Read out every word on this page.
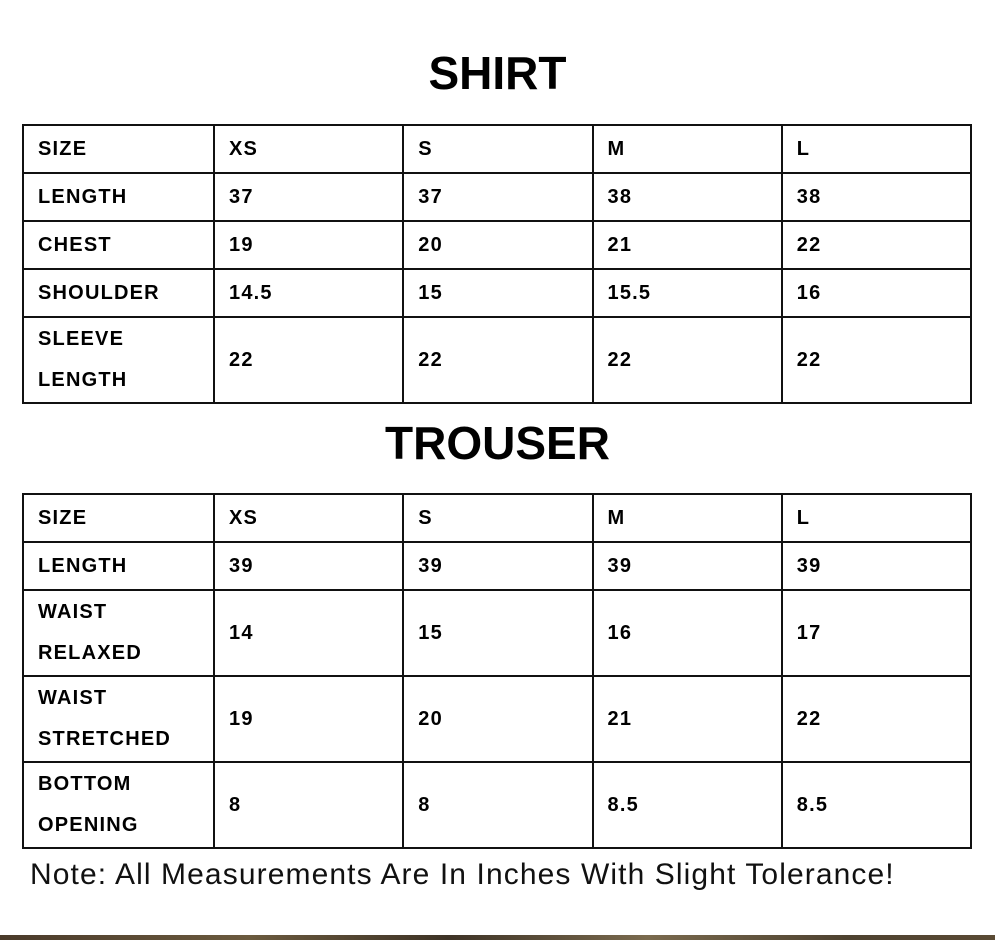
SHIRT
SIZE	XS	S	M	L
LENGTH	37	37	38	38
CHEST	19	20	21	22
SHOULDER	14.5	15	15.5	16
SLEEVE LENGTH	22	22	22	22
TROUSER
SIZE	XS	S	M	L
LENGTH	39	39	39	39
WAIST RELAXED	14	15	16	17
WAIST STRETCHED	19	20	21	22
BOTTOM OPENING	8	8	8.5	8.5

Note: All Measurements Are In Inches With Slight Tolerance!
